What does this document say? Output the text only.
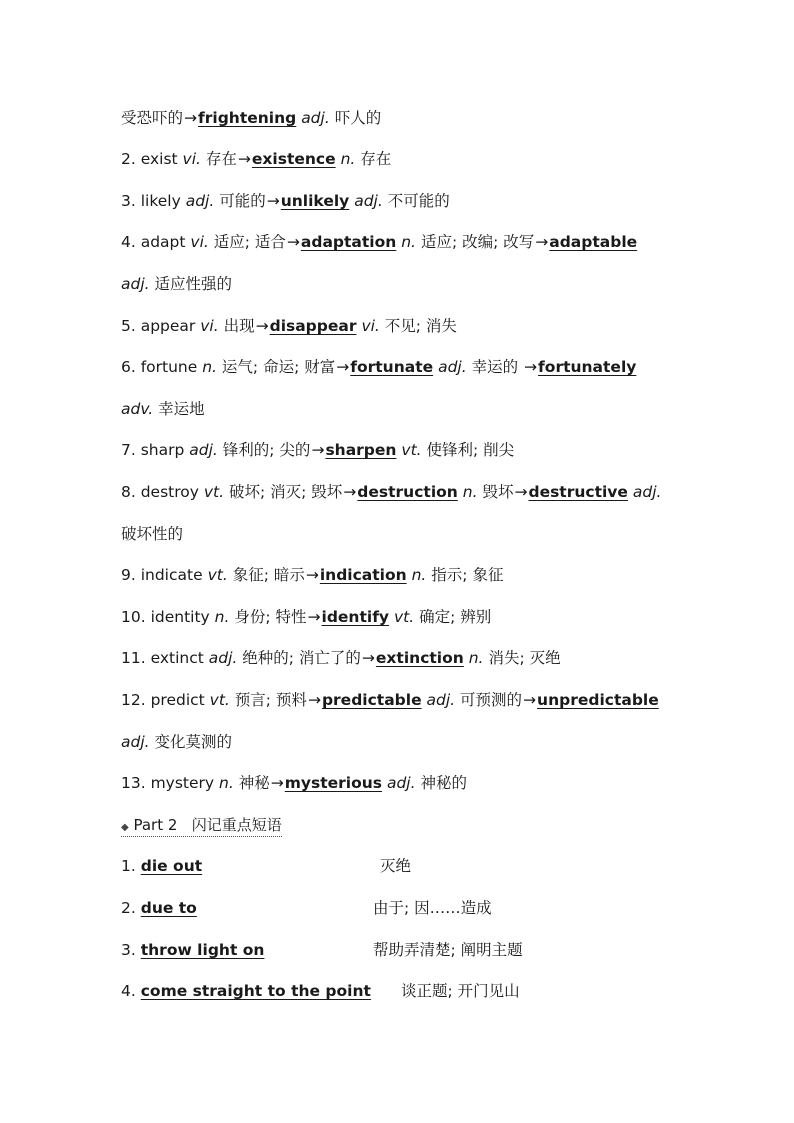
受恐吓的→frightening adj. 吓人的
2. exist vi. 存在→existence n. 存在
3. likely adj. 可能的→unlikely adj. 不可能的
4. adapt vi. 适应; 适合→adaptation n. 适应; 改编; 改写→adaptable
adj. 适应性强的
5. appear vi. 出现→disappear vi. 不见; 消失
6. fortune n. 运气; 命运; 财富→fortunate adj. 幸运的 →fortunately
adv. 幸运地
7. sharp adj. 锋利的; 尖的→sharpen vt. 使锋利; 削尖
8. destroy vt. 破坏; 消灭; 毁坏→destruction n. 毁坏→destructive adj.
破坏性的
9. indicate vt. 象征; 暗示→indication n. 指示; 象征
10. identity n. 身份; 特性→identify vt. 确定; 辨别
11. extinct adj. 绝种的; 消亡了的→extinction n. 消失; 灭绝
12. predict vt. 预言; 预料→predictable adj. 可预测的→unpredictable
adj. 变化莫测的
13. mystery n. 神秘→mysterious adj. 神秘的
◆ Part 2 闪记重点短语
1. die out	灭绝
2. due to	由于; 因……造成
3. throw light on	帮助弄清楚; 阐明主题
4. come straight to the point 谈正题; 开门见山
